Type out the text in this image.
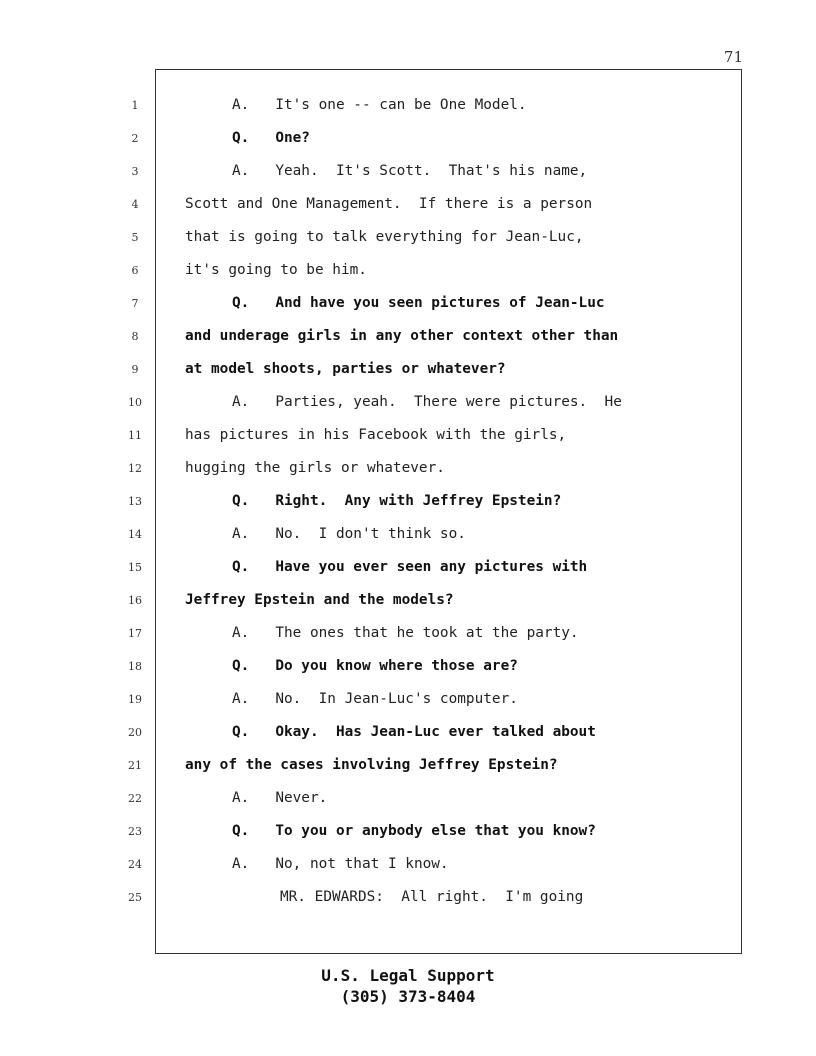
71
1	A.   It's one -- can be One Model.
2	Q.   One?
3	A.   Yeah.  It's Scott.  That's his name,
4	Scott and One Management.  If there is a person
5	that is going to talk everything for Jean-Luc,
6	it's going to be him.
7	Q.   And have you seen pictures of Jean-Luc
8	and underage girls in any other context other than
9	at model shoots, parties or whatever?
10	A.   Parties, yeah.  There were pictures.  He
11	has pictures in his Facebook with the girls,
12	hugging the girls or whatever.
13	Q.   Right.  Any with Jeffrey Epstein?
14	A.   No.  I don't think so.
15	Q.   Have you ever seen any pictures with
16	Jeffrey Epstein and the models?
17	A.   The ones that he took at the party.
18	Q.   Do you know where those are?
19	A.   No.  In Jean-Luc's computer.
20	Q.   Okay.  Has Jean-Luc ever talked about
21	any of the cases involving Jeffrey Epstein?
22	A.   Never.
23	Q.   To you or anybody else that you know?
24	A.   No, not that I know.
25	MR. EDWARDS:  All right.  I'm going
U.S. Legal Support
(305) 373-8404
